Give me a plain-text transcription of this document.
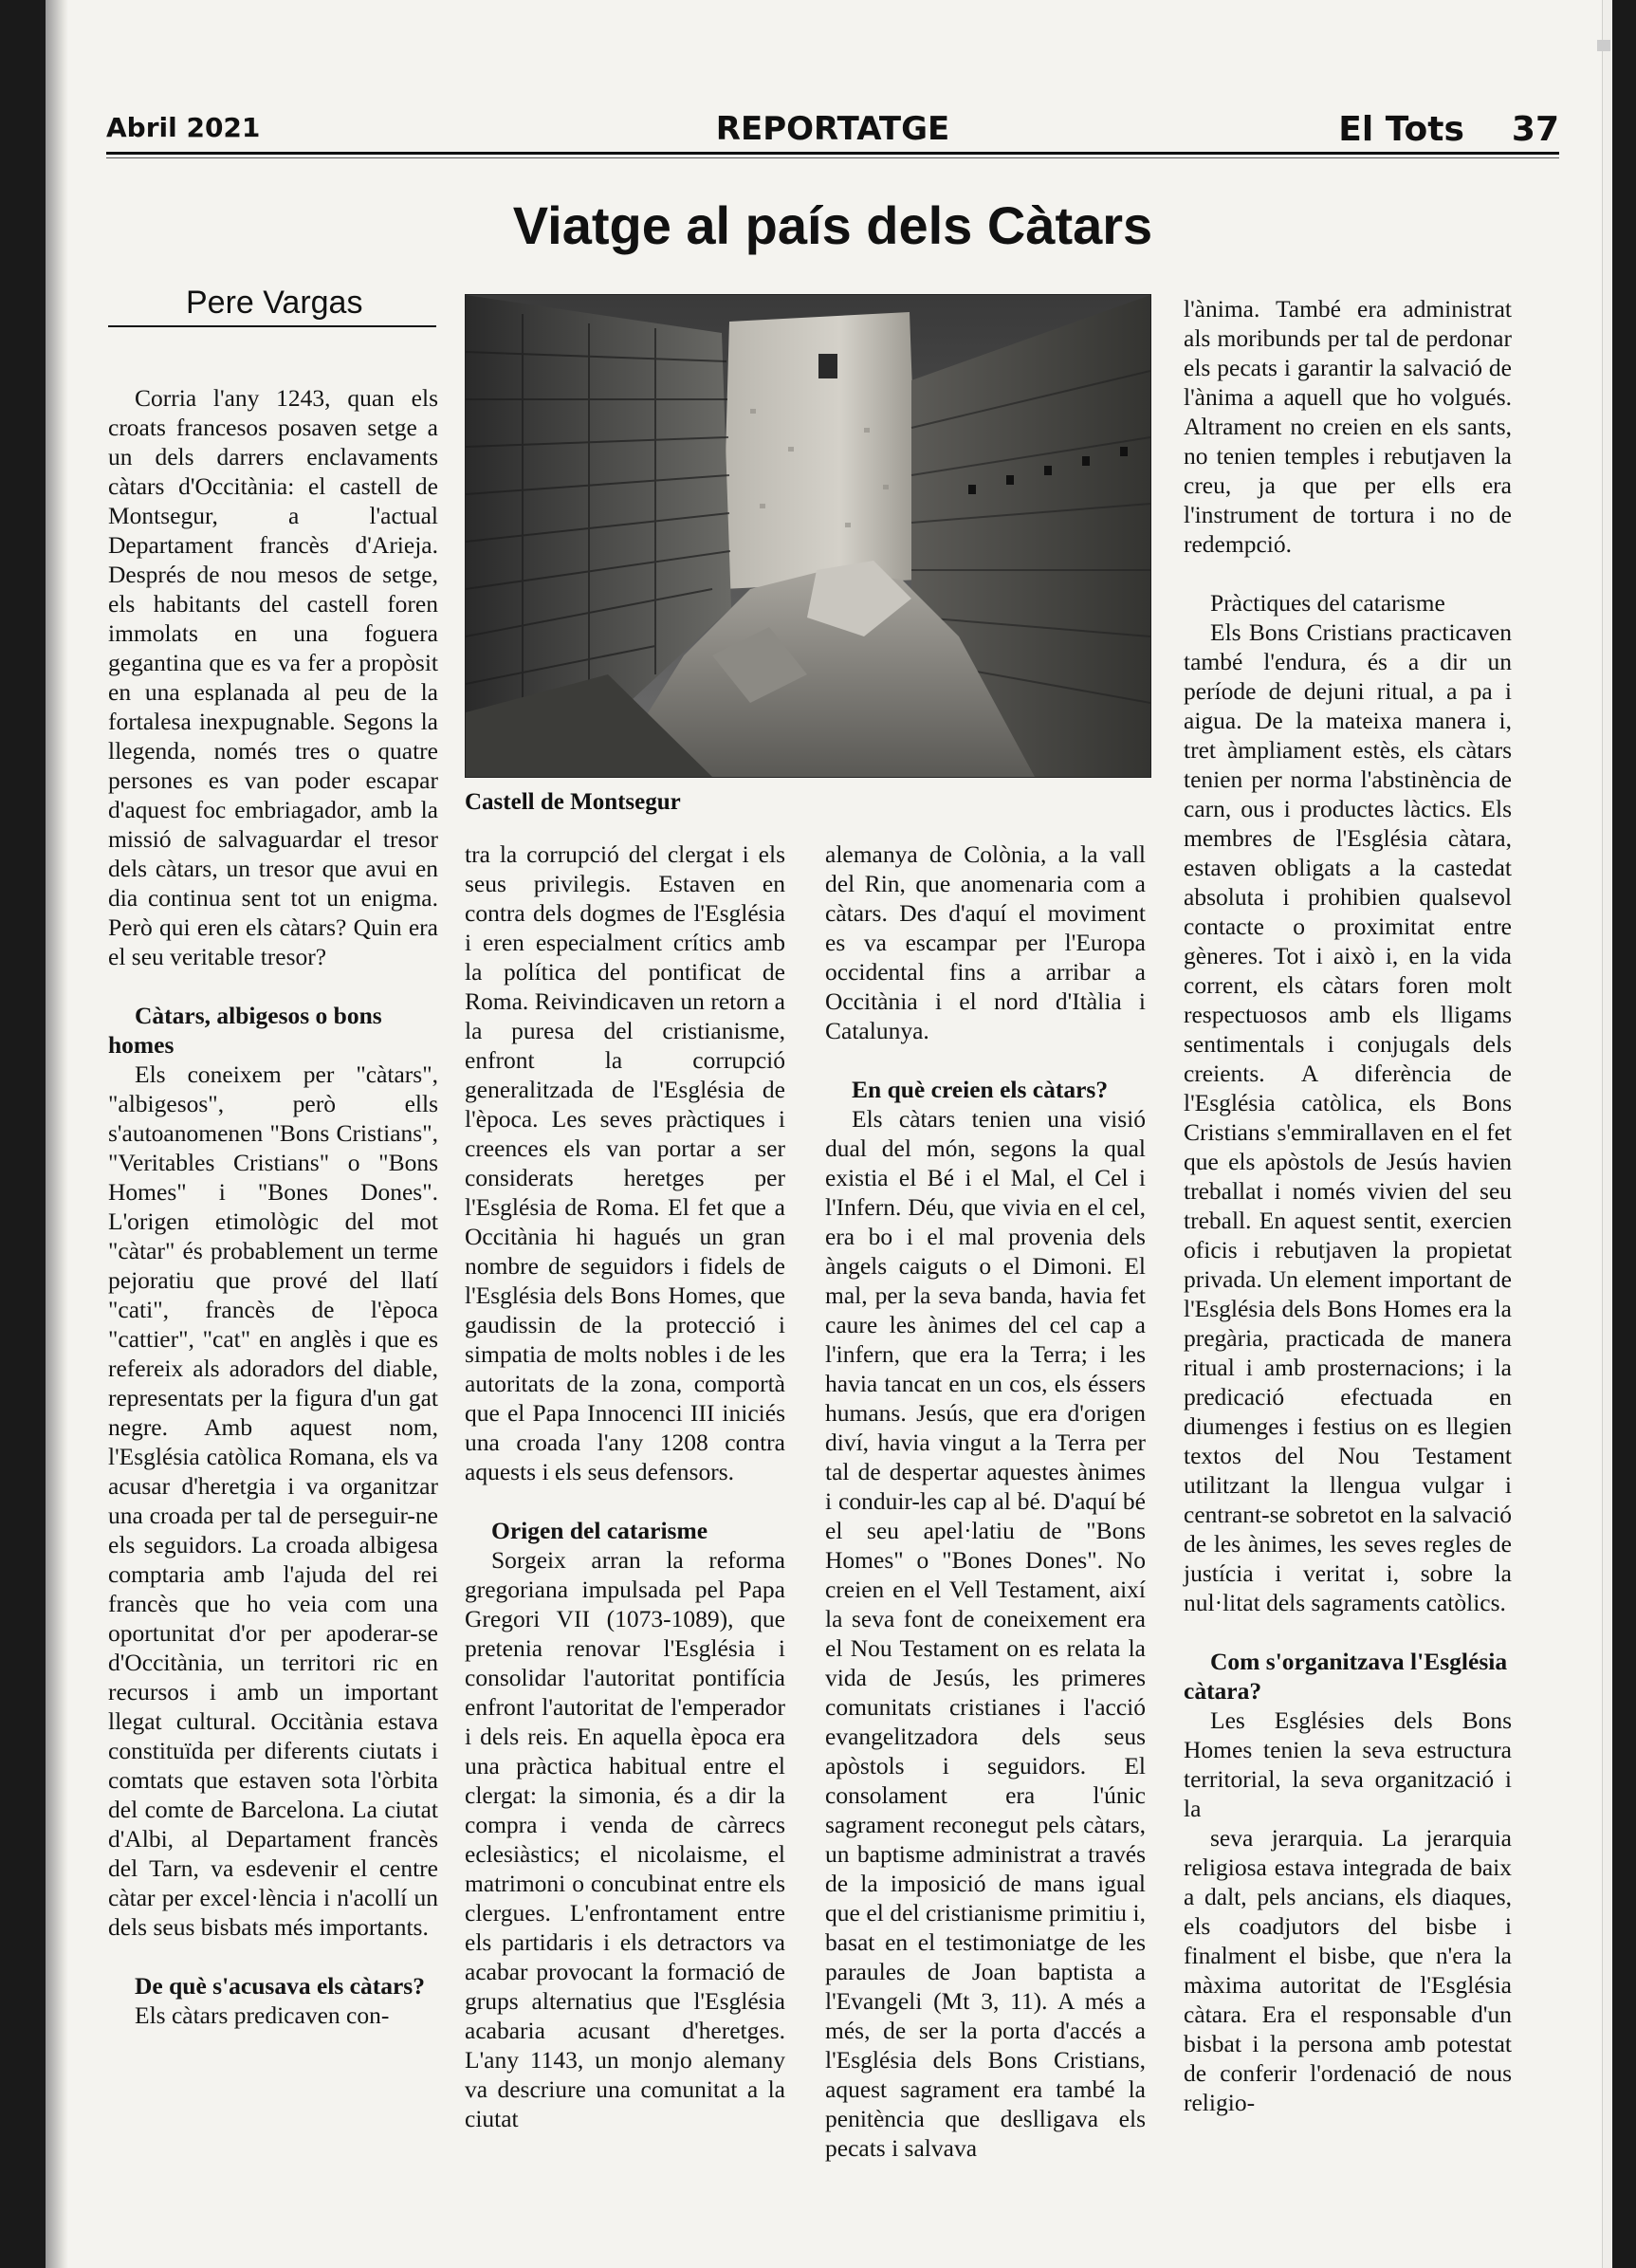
Abril 2021	REPORTATGE	El Tots 37
Viatge al país dels Càtars
Pere Vargas
Castell de Montsegur

Corria l'any 1243, quan els croats francesos posaven setge a un dels darrers enclavaments càtars d'Occitània: el castell de Montsegur, a l'actual Departament francès d'Arieja. Després de nou mesos de setge, els habitants del castell foren immolats en una foguera gegantina que es va fer a propòsit en una esplanada al peu de la fortalesa inexpugnable. Segons la llegenda, només tres o quatre persones es van poder escapar d'aquest foc embriagador, amb la missió de salvaguardar el tresor dels càtars, un tresor que avui en dia continua sent tot un enigma. Però qui eren els càtars? Quin era el seu veritable tresor?

Càtars, albigesos o bons homes

Els coneixem per "càtars", "albigesos", però ells s'autoanomenen "Bons Cristians", "Veritables Cristians" o "Bons Homes" i "Bones Dones". L'origen etimològic del mot "càtar" és probablement un terme pejoratiu que prové del llatí "cati", francès de l'època "cattier", "cat" en anglès i que es refereix als adoradors del diable, representats per la figura d'un gat negre. Amb aquest nom, l'Església catòlica Romana, els va acusar d'heretgia i va organitzar una croada per tal de perseguir-ne els seguidors. La croada albigesa comptaria amb l'ajuda del rei francès que ho veia com una oportunitat d'or per apoderar-se d'Occitània, un territori ric en recursos i amb un important llegat cultural. Occitània estava constituïda per diferents ciutats i comtats que estaven sota l'òrbita del comte de Barcelona. La ciutat d'Albi, al Departament francès del Tarn, va esdevenir el centre càtar per excel·lència i n'acollí un dels seus bisbats més importants.

De què s'acusava els càtars?

Els càtars predicaven con-

tra la corrupció del clergat i els seus privilegis. Estaven en contra dels dogmes de l'Església i eren especialment crítics amb la política del pontificat de Roma. Reivindicaven un retorn a la puresa del cristianisme, enfront la corrupció generalitzada de l'Església de l'època. Les seves pràctiques i creences els van portar a ser considerats heretges per l'Església de Roma. El fet que a Occitània hi hagués un gran nombre de seguidors i fidels de l'Església dels Bons Homes, que gaudissin de la protecció i simpatia de molts nobles i de les autoritats de la zona, comportà que el Papa Innocenci III iniciés una croada l'any 1208 contra aquests i els seus defensors.

Origen del catarisme

Sorgeix arran la reforma gregoriana impulsada pel Papa Gregori VII (1073-1089), que pretenia renovar l'Església i consolidar l'autoritat pontifícia enfront l'autoritat de l'emperador i dels reis. En aquella època era una pràctica habitual entre el clergat: la simonia, és a dir la compra i venda de càrrecs eclesiàstics; el nicolaisme, el matrimoni o concubinat entre els clergues. L'enfrontament entre els partidaris i els detractors va acabar provocant la formació de grups alternatius que l'Església acabaria acusant d'heretges. L'any 1143, un monjo alemany va descriure una comunitat a la ciutat

alemanya de Colònia, a la vall del Rin, que anomenaria com a càtars. Des d'aquí el moviment es va escampar per l'Europa occidental fins a arribar a Occitània i el nord d'Itàlia i Catalunya.

En què creien els càtars?

Els càtars tenien una visió dual del món, segons la qual existia el Bé i el Mal, el Cel i l'Infern. Déu, que vivia en el cel, era bo i el mal provenia dels àngels caiguts o el Dimoni. El mal, per la seva banda, havia fet caure les ànimes del cel cap a l'infern, que era la Terra; i les havia tancat en un cos, els éssers humans. Jesús, que era d'origen diví, havia vingut a la Terra per tal de despertar aquestes ànimes i conduir-les cap al bé. D'aquí bé el seu apel·latiu de "Bons Homes" o "Bones Dones". No creien en el Vell Testament, així la seva font de coneixement era el Nou Testament on es relata la vida de Jesús, les primeres comunitats cristianes i l'acció evangelitzadora dels seus apòstols i seguidors. El consolament era l'únic sagrament reconegut pels càtars, un baptisme administrat a través de la imposició de mans igual que el del cristianisme primitiu i, basat en el testimoniatge de les paraules de Joan baptista a l'Evangeli (Mt 3, 11). A més a més, de ser la porta d'accés a l'Església dels Bons Cristians, aquest sagrament era també la penitència que deslligava els pecats i salvava

l'ànima. També era administrat als moribunds per tal de perdonar els pecats i garantir la salvació de l'ànima a aquell que ho volgués. Altrament no creien en els sants, no tenien temples i rebutjaven la creu, ja que per ells era l'instrument de tortura i no de redempció.

Pràctiques del catarisme

Els Bons Cristians practicaven també l'endura, és a dir un període de dejuni ritual, a pa i aigua. De la mateixa manera i, tret àmpliament estès, els càtars tenien per norma l'abstinència de carn, ous i productes làctics. Els membres de l'Església càtara, estaven obligats a la castedat absoluta i prohibien qualsevol contacte o proximitat entre gèneres. Tot i això i, en la vida corrent, els càtars foren molt respectuosos amb els lligams sentimentals i conjugals dels creients. A diferència de l'Església catòlica, els Bons Cristians s'emmirallaven en el fet que els apòstols de Jesús havien treballat i només vivien del seu treball. En aquest sentit, exercien oficis i rebutjaven la propietat privada. Un element important de l'Església dels Bons Homes era la pregària, practicada de manera ritual i amb prosternacions; i la predicació efectuada en diumenges i festius on es llegien textos del Nou Testament utilitzant la llengua vulgar i centrant-se sobretot en la salvació de les ànimes, les seves regles de justícia i veritat i, sobre la nul·litat dels sagraments catòlics.

Com s'organitzava l'Església càtara?

Les Esglésies dels Bons Homes tenien la seva estructura territorial, la seva organització i la

seva jerarquia. La jerarquia religiosa estava integrada de baix a dalt, pels ancians, els diaques, els coadjutors del bisbe i finalment el bisbe, que n'era la màxima autoritat de l'Església càtara. Era el responsable d'un bisbat i la persona amb potestat de conferir l'ordenació de nous religio-
